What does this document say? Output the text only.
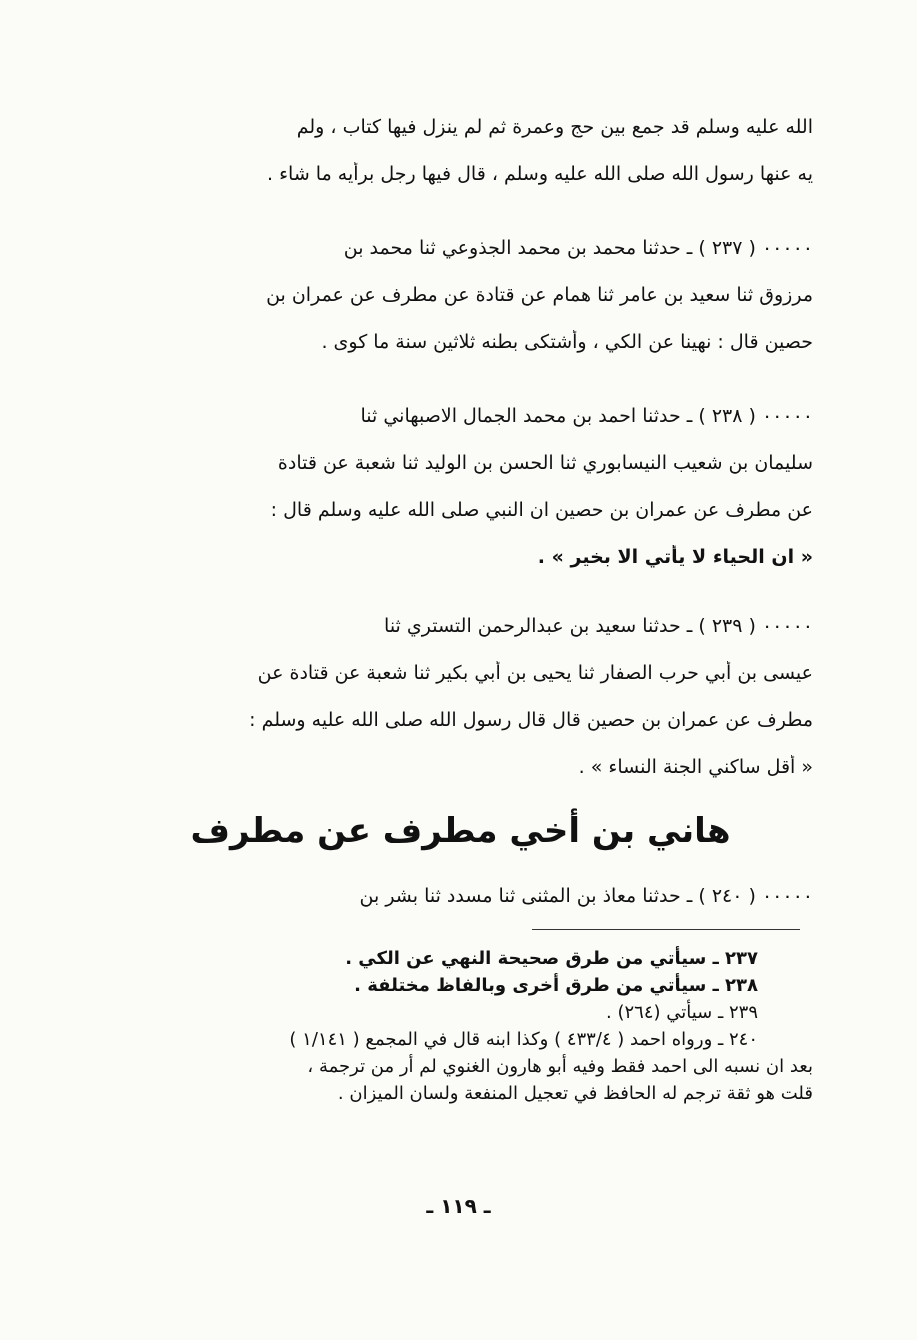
الله عليه وسلم قد جمع بين حج وعمرة ثم لم ينزل فيها كتاب ، ولم
يه عنها رسول الله صلى الله عليه وسلم ، قال فيها رجل برأيه ما شاء .
٠٠٠٠٠ ( ٢٣٧ ) ـ حدثنا محمد بن محمد الجذوعي ثنا محمد بن
مرزوق ثنا سعيد بن عامر ثنا همام عن قتادة عن مطرف عن عمران بن
حصين قال : نهينا عن الكي ، وأشتكى بطنه ثلاثين سنة ما كوى .
٠٠٠٠٠ ( ٢٣٨ ) ـ حدثنا احمد بن محمد الجمال الاصبهاني ثنا
سليمان بن شعيب النيسابوري ثنا الحسن بن الوليد ثنا شعبة عن قتادة
عن مطرف عن عمران بن حصين ان النبي صلى الله عليه وسلم قال :
« ان الحياء لا يأتي الا بخير » .
٠٠٠٠٠ ( ٢٣٩ ) ـ حدثنا سعيد بن عبدالرحمن التستري ثنا
عيسى بن أبي حرب الصفار ثنا يحيى بن أبي بكير ثنا شعبة عن قتادة عن
مطرف عن عمران بن حصين قال قال رسول الله صلى الله عليه وسلم :
« أقل ساكني الجنة النساء » .
هاني بن أخي مطرف عن مطرف
٠٠٠٠٠ ( ٢٤٠ ) ـ حدثنا معاذ بن المثنى ثنا مسدد ثنا بشر بن
٢٣٧ ـ سيأتي من طرق صحيحة النهي عن الكي .
٢٣٨ ـ سيأتي من طرق أخرى وبالفاظ مختلفة .
٢٣٩ ـ سيأتي (٢٦٤) .
٢٤٠ ـ ورواه احمد ( ٤٣٣/٤ ) وكذا ابنه قال في المجمع ( ١/١٤١ )
بعد ان نسبه الى احمد فقط وفيه أبو هارون الغنوي لم أر من ترجمة ،
قلت هو ثقة ترجم له الحافظ في تعجيل المنفعة ولسان الميزان .
ـ ١١٩ ـ
